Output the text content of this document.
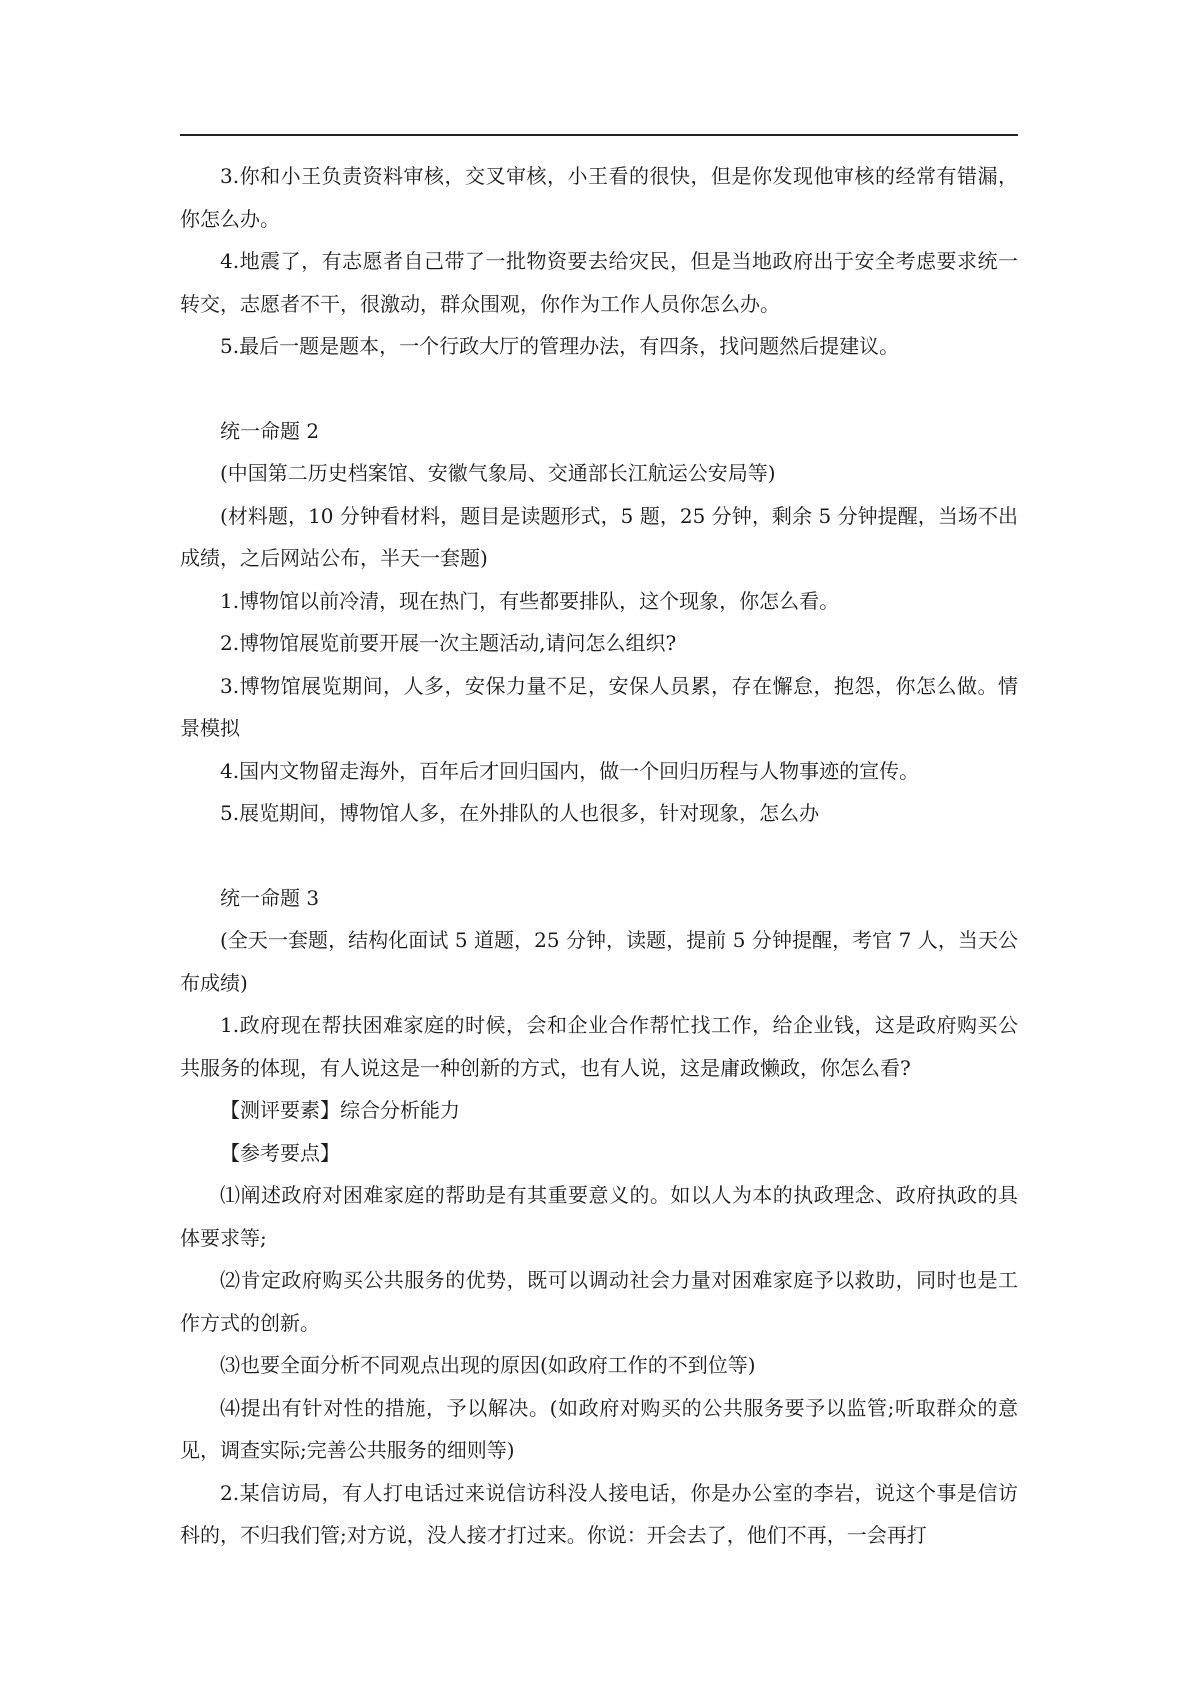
3.你和小王负责资料审核，交叉审核，小王看的很快，但是你发现他审核的经常有错漏，你怎么办。

4.地震了，有志愿者自己带了一批物资要去给灾民，但是当地政府出于安全考虑要求统一转交，志愿者不干，很激动，群众围观，你作为工作人员你怎么办。

5.最后一题是题本，一个行政大厅的管理办法，有四条，找问题然后提建议。

统一命题 2

(中国第二历史档案馆、安徽气象局、交通部长江航运公安局等)

(材料题，10 分钟看材料，题目是读题形式，5 题，25 分钟，剩余 5 分钟提醒，当场不出成绩，之后网站公布，半天一套题)

1.博物馆以前冷清，现在热门，有些都要排队，这个现象，你怎么看。

2.博物馆展览前要开展一次主题活动,请问怎么组织?

3.博物馆展览期间，人多，安保力量不足，安保人员累，存在懈怠，抱怨，你怎么做。情景模拟

4.国内文物留走海外，百年后才回归国内，做一个回归历程与人物事迹的宣传。

5.展览期间，博物馆人多，在外排队的人也很多，针对现象，怎么办

统一命题 3

(全天一套题，结构化面试 5 道题，25 分钟，读题，提前 5 分钟提醒，考官 7 人，当天公布成绩)

1.政府现在帮扶困难家庭的时候，会和企业合作帮忙找工作，给企业钱，这是政府购买公共服务的体现，有人说这是一种创新的方式，也有人说，这是庸政懒政，你怎么看?

【测评要素】综合分析能力

【参考要点】

⑴阐述政府对困难家庭的帮助是有其重要意义的。如以人为本的执政理念、政府执政的具体要求等;

⑵肯定政府购买公共服务的优势，既可以调动社会力量对困难家庭予以救助，同时也是工作方式的创新。

⑶也要全面分析不同观点出现的原因(如政府工作的不到位等)

⑷提出有针对性的措施，予以解决。(如政府对购买的公共服务要予以监管;听取群众的意见，调查实际;完善公共服务的细则等)

2.某信访局，有人打电话过来说信访科没人接电话，你是办公室的李岩，说这个事是信访科的，不归我们管;对方说，没人接才打过来。你说：开会去了，他们不再，一会再打
